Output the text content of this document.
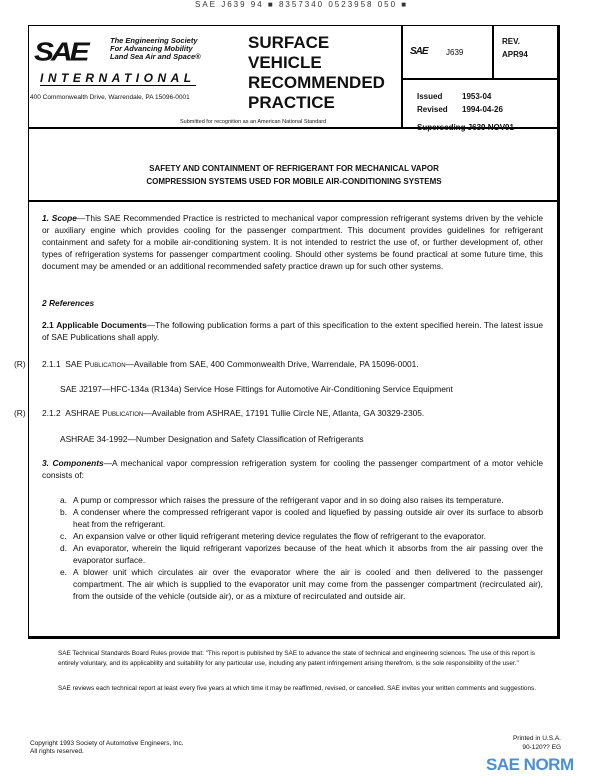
SAE J639 94 ■ 8357340 0523958 050 ■
SAE	The Engineering Society
For Advancing Mobility
Land Sea Air and Space®
INTERNATIONAL
400 Commonwealth Drive, Warrendale, PA 15096-0001
SURFACE
VEHICLE
RECOMMENDED
PRACTICE
Submitted for recognition as an American National Standard
SAE J639
REV.
APR94
Issued 1953-04
Revised 1994-04-26
Superseding J639 NOV91
SAFETY AND CONTAINMENT OF REFRIGERANT FOR MECHANICAL VAPOR
COMPRESSION SYSTEMS USED FOR MOBILE AIR-CONDITIONING SYSTEMS
1. Scope—This SAE Recommended Practice is restricted to mechanical vapor compression refrigerant systems driven by the vehicle or auxiliary engine which provides cooling for the passenger compartment. This document provides guidelines for refrigerant containment and safety for a mobile air-conditioning system. It is not intended to restrict the use of, or further development of, other types of refrigeration systems for passenger compartment cooling. Should other systems be found practical at some future time, this document may be amended or an additional recommended safety practice drawn up for such other systems.
2 References
2.1 Applicable Documents—The following publication forms a part of this specification to the extent specified herein. The latest issue of SAE Publications shall apply.
(R) 2.1.1 SAE Publication—Available from SAE, 400 Commonwealth Drive, Warrendale, PA 15096-0001.
SAE J2197—HFC-134a (R134a) Service Hose Fittings for Automotive Air-Conditioning Service Equipment
(R) 2.1.2 ASHRAE Publication—Available from ASHRAE, 17191 Tullie Circle NE, Atlanta, GA 30329-2305.
ASHRAE 34-1992—Number Designation and Safety Classification of Refrigerants
3. Components—A mechanical vapor compression refrigeration system for cooling the passenger compartment of a motor vehicle consists of:
a. A pump or compressor which raises the pressure of the refrigerant vapor and in so doing also raises its temperature.
b. A condenser where the compressed refrigerant vapor is cooled and liquefied by passing outside air over its surface to absorb heat from the refrigerant.
c. An expansion valve or other liquid refrigerant metering device regulates the flow of refrigerant to the evaporator.
d. An evaporator, wherein the liquid refrigerant vaporizes because of the heat which it absorbs from the air passing over the evaporator surface.
e. A blower unit which circulates air over the evaporator where the air is cooled and then delivered to the passenger compartment. The air which is supplied to the evaporator unit may come from the passenger compartment (recirculated air), from the outside of the vehicle (outside air), or as a mixture of recirculated and outside air.
SAE Technical Standards Board Rules provide that: "This report is published by SAE to advance the state of technical and engineering sciences. The use of this report is entirely voluntary, and its applicability and suitability for any particular use, including any patent infringement arising therefrom, is the sole responsibility of the user."
SAE reviews each technical report at least every five years at which time it may be reaffirmed, revised, or cancelled. SAE invites your written comments and suggestions.
Copyright 1993 Society of Automotive Engineers, Inc.
All rights reserved.
Printed in U.S.A.
90-120?? EG
SAE NORM
